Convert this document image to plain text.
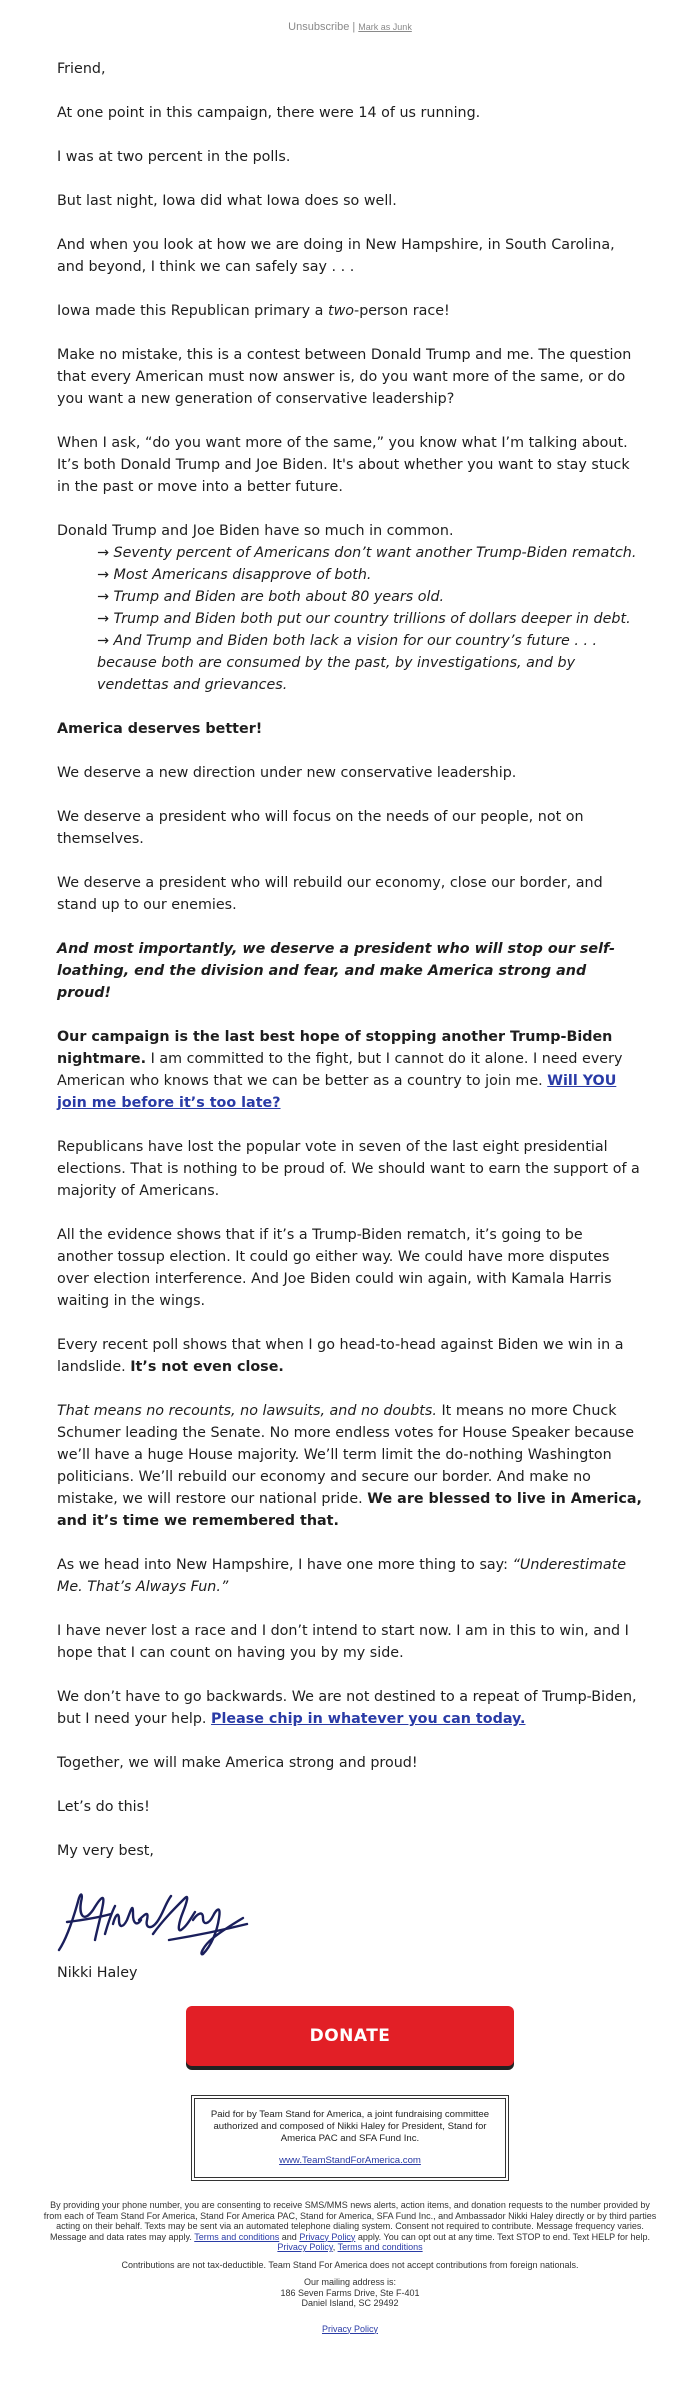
Unsubscribe | Mark as Junk

Friend,

At one point in this campaign, there were 14 of us running.

I was at two percent in the polls.

But last night, Iowa did what Iowa does so well.

And when you look at how we are doing in New Hampshire, in South Carolina, and beyond, I think we can safely say . . .

Iowa made this Republican primary a two-person race!

Make no mistake, this is a contest between Donald Trump and me. The question that every American must now answer is, do you want more of the same, or do you want a new generation of conservative leadership?

When I ask, “do you want more of the same,” you know what I’m talking about. It’s both Donald Trump and Joe Biden. It's about whether you want to stay stuck in the past or move into a better future.

Donald Trump and Joe Biden have so much in common.
→ Seventy percent of Americans don’t want another Trump-Biden rematch.
→ Most Americans disapprove of both.
→ Trump and Biden are both about 80 years old.
→ Trump and Biden both put our country trillions of dollars deeper in debt.
→ And Trump and Biden both lack a vision for our country’s future . . . because both are consumed by the past, by investigations, and by vendettas and grievances.

America deserves better!

We deserve a new direction under new conservative leadership.

We deserve a president who will focus on the needs of our people, not on themselves.

We deserve a president who will rebuild our economy, close our border, and stand up to our enemies.

And most importantly, we deserve a president who will stop our self-loathing, end the division and fear, and make America strong and proud!

Our campaign is the last best hope of stopping another Trump-Biden nightmare. I am committed to the fight, but I cannot do it alone. I need every American who knows that we can be better as a country to join me. Will YOU join me before it’s too late?

Republicans have lost the popular vote in seven of the last eight presidential elections. That is nothing to be proud of. We should want to earn the support of a majority of Americans.

All the evidence shows that if it’s a Trump-Biden rematch, it’s going to be another tossup election. It could go either way. We could have more disputes over election interference. And Joe Biden could win again, with Kamala Harris waiting in the wings.

Every recent poll shows that when I go head-to-head against Biden we win in a landslide. It’s not even close.

That means no recounts, no lawsuits, and no doubts. It means no more Chuck Schumer leading the Senate. No more endless votes for House Speaker because we’ll have a huge House majority. We’ll term limit the do-nothing Washington politicians. We’ll rebuild our economy and secure our border. And make no mistake, we will restore our national pride. We are blessed to live in America, and it’s time we remembered that.

As we head into New Hampshire, I have one more thing to say: “Underestimate Me. That’s Always Fun.”

I have never lost a race and I don’t intend to start now. I am in this to win, and I hope that I can count on having you by my side.

We don’t have to go backwards. We are not destined to a repeat of Trump-Biden, but I need your help. Please chip in whatever you can today.

Together, we will make America strong and proud!

Let’s do this!

My very best,

Nikki Haley

DONATE
Paid for by Team Stand for America, a joint fundraising committee authorized and composed of Nikki Haley for President, Stand for America PAC and SFA Fund Inc.
www.TeamStandForAmerica.com

By providing your phone number, you are consenting to receive SMS/MMS news alerts, action items, and donation requests to the number provided by from each of Team Stand For America, Stand For America PAC, Stand for America, SFA Fund Inc., and Ambassador Nikki Haley directly or by third parties acting on their behalf. Texts may be sent via an automated telephone dialing system. Consent not required to contribute. Message frequency varies. Message and data rates may apply. Terms and conditions and Privacy Policy apply. You can opt out at any time. Text STOP to end. Text HELP for help. Privacy Policy, Terms and conditions

Contributions are not tax-deductible. Team Stand For America does not accept contributions from foreign nationals.

Our mailing address is:
186 Seven Farms Drive, Ste F-401
Daniel Island, SC 29492

Privacy Policy
